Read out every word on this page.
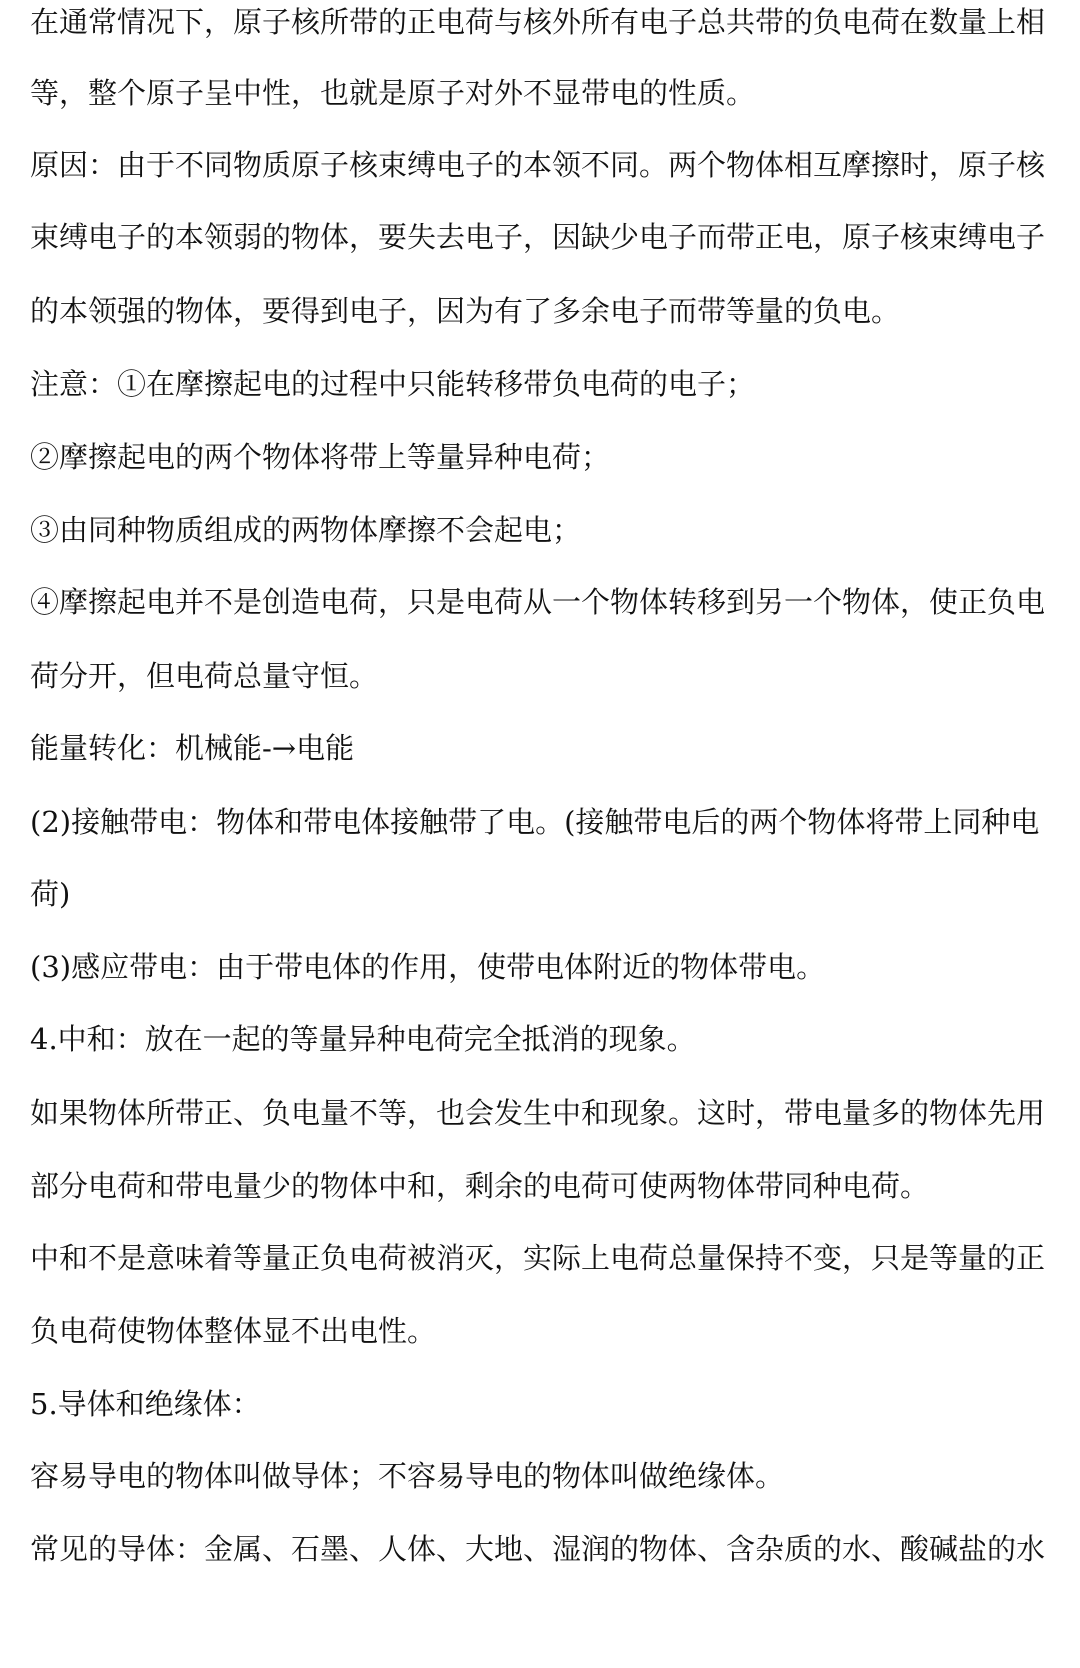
在通常情况下，原子核所带的正电荷与核外所有电子总共带的负电荷在数量上相
等，整个原子呈中性，也就是原子对外不显带电的性质。
原因：由于不同物质原子核束缚电子的本领不同。两个物体相互摩擦时，原子核
束缚电子的本领弱的物体，要失去电子，因缺少电子而带正电，原子核束缚电子
的本领强的物体，要得到电子，因为有了多余电子而带等量的负电。
注意：①在摩擦起电的过程中只能转移带负电荷的电子；
②摩擦起电的两个物体将带上等量异种电荷；
③由同种物质组成的两物体摩擦不会起电；
④摩擦起电并不是创造电荷，只是电荷从一个物体转移到另一个物体，使正负电
荷分开，但电荷总量守恒。
能量转化：机械能-→电能
(2)接触带电：物体和带电体接触带了电。(接触带电后的两个物体将带上同种电
荷)
(3)感应带电：由于带电体的作用，使带电体附近的物体带电。
4.中和：放在一起的等量异种电荷完全抵消的现象。
如果物体所带正、负电量不等，也会发生中和现象。这时，带电量多的物体先用
部分电荷和带电量少的物体中和，剩余的电荷可使两物体带同种电荷。
中和不是意味着等量正负电荷被消灭，实际上电荷总量保持不变，只是等量的正
负电荷使物体整体显不出电性。
5.导体和绝缘体：
容易导电的物体叫做导体；不容易导电的物体叫做绝缘体。
常见的导体：金属、石墨、人体、大地、湿润的物体、含杂质的水、酸碱盐的水
